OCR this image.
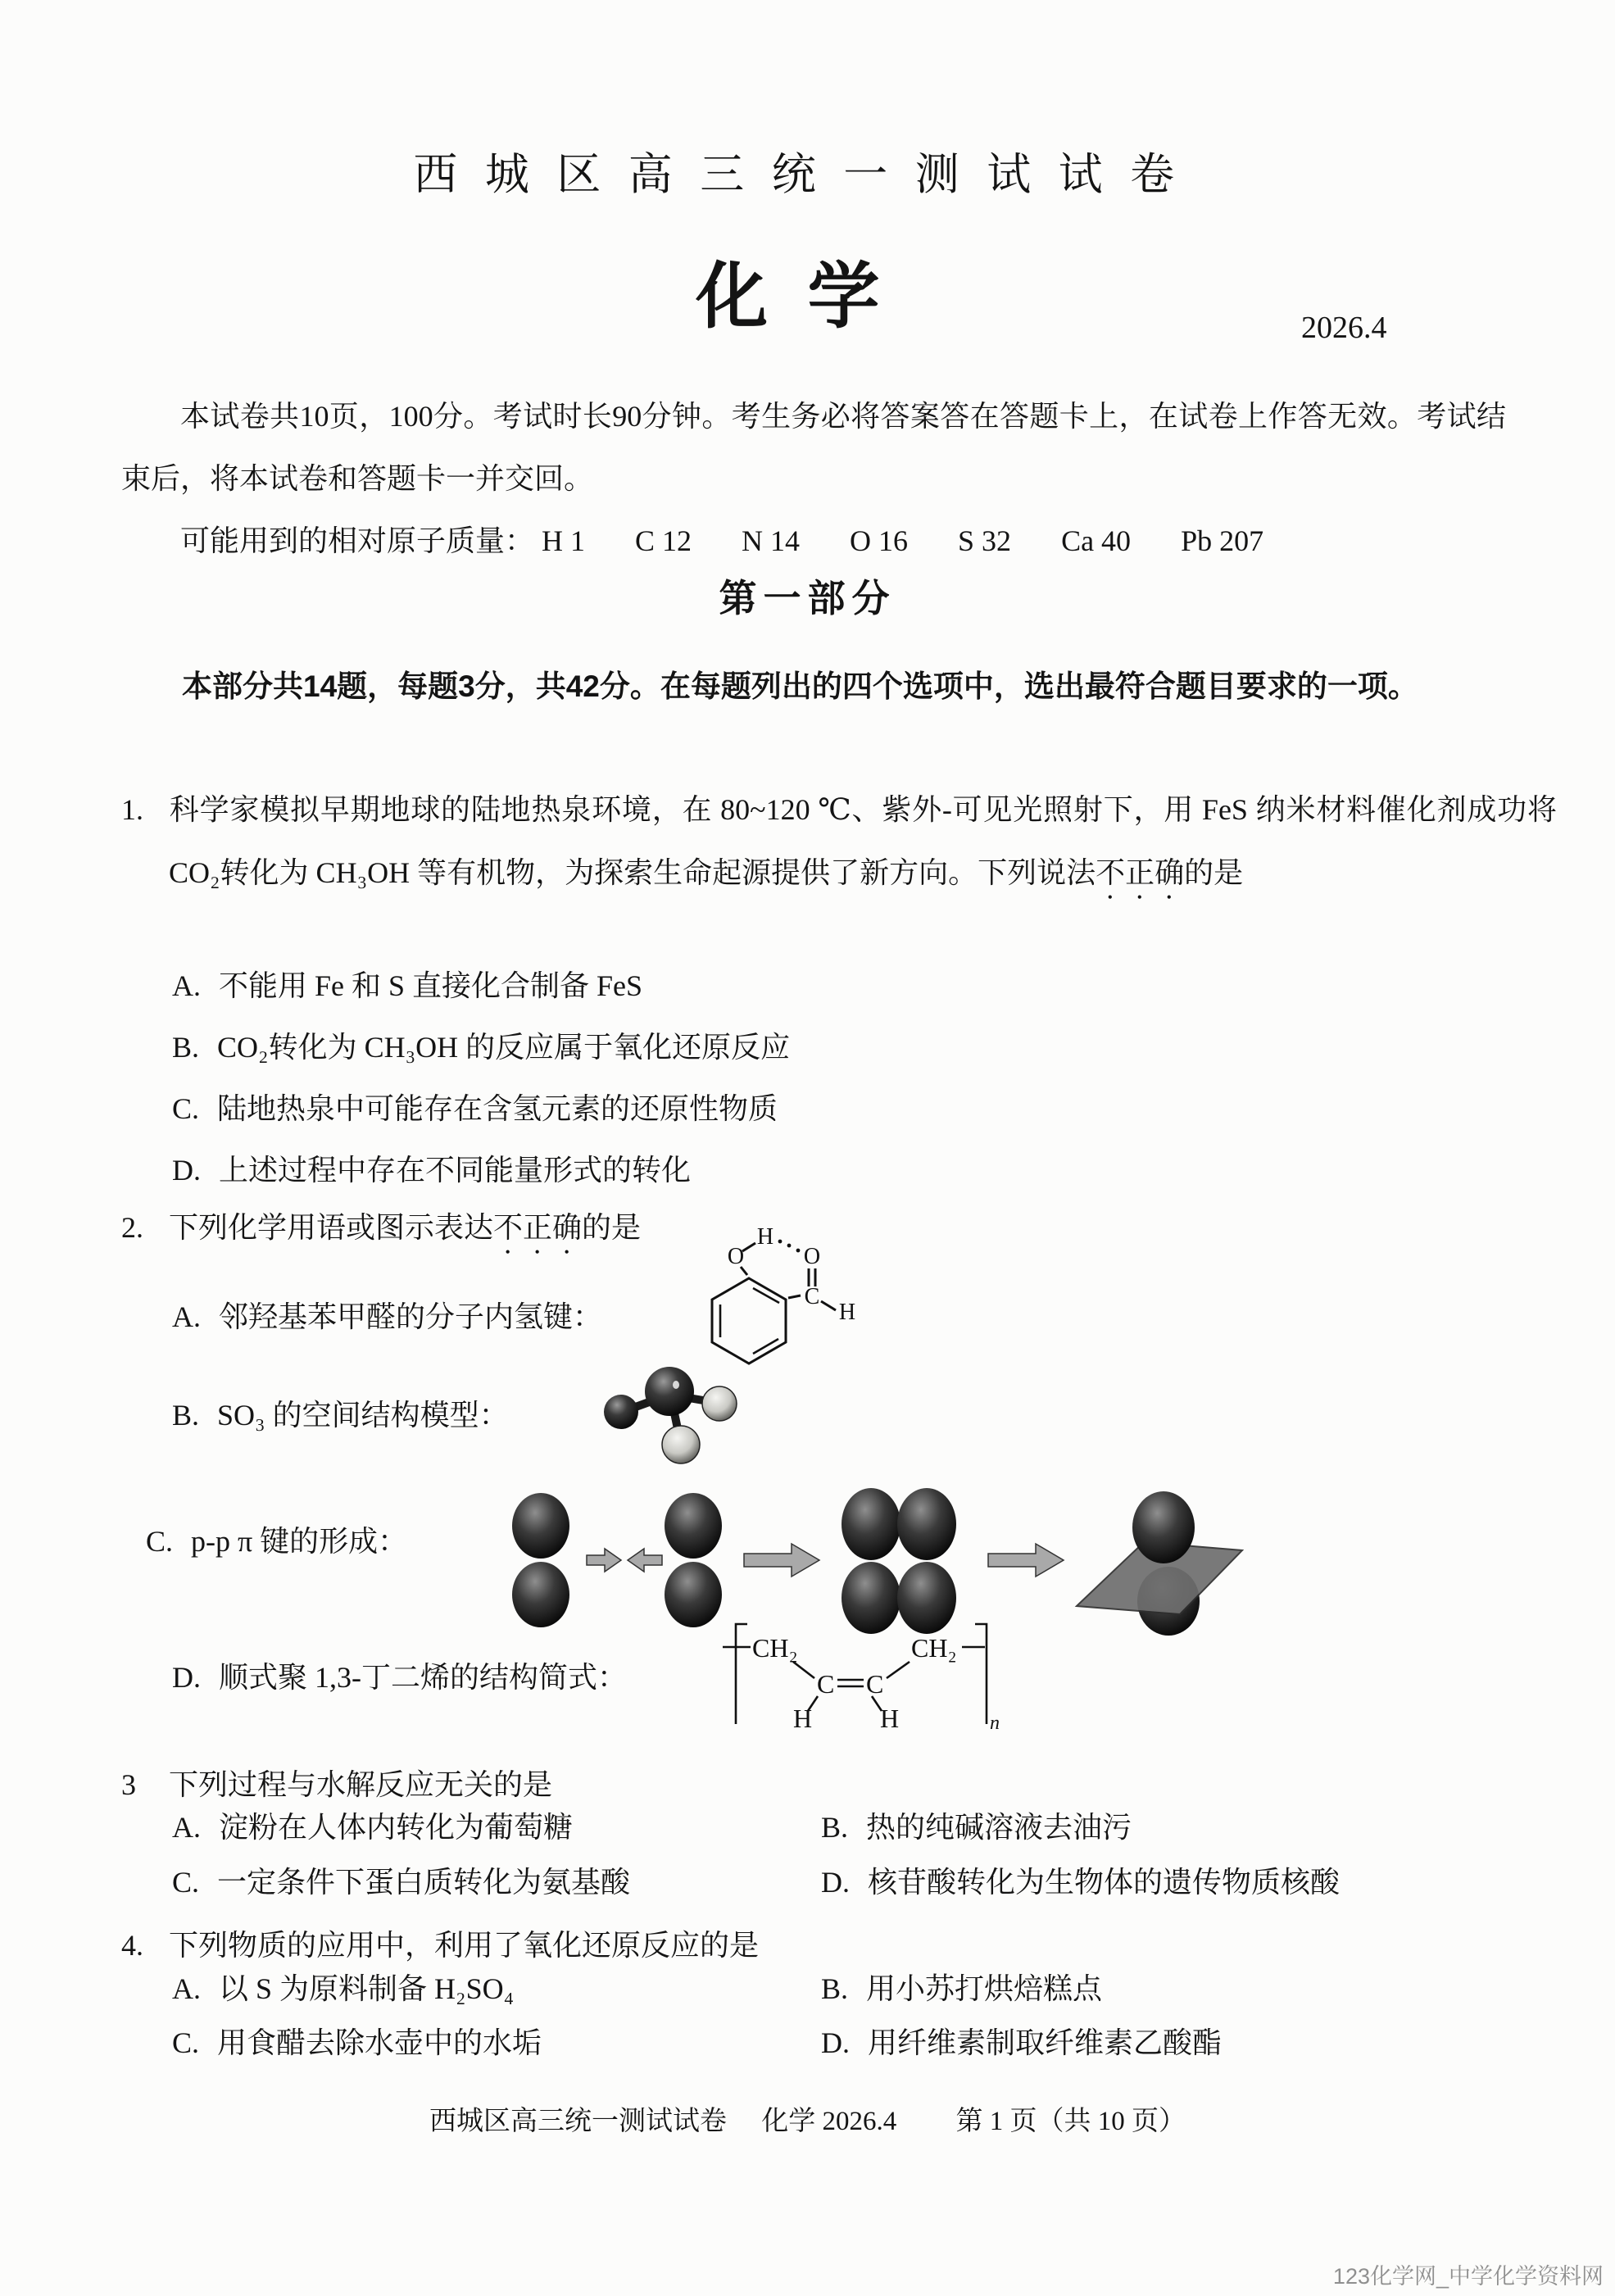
西城区高三统一测试试卷
化学	2026.4
本试卷共10页，100分。考试时长90分钟。考生务必将答案答在答题卡上，在试卷上作答无效。考试结束后，将本试卷和答题卡一并交回。
可能用到的相对原子质量： H 1 C 12 N 14 O 16 S 32 Ca 40 Pb 207
第一部分
本部分共14题，每题3分，共42分。在每题列出的四个选项中，选出最符合题目要求的一项。
1. 科学家模拟早期地球的陆地热泉环境，在 80~120 ℃、紫外-可见光照射下，用 FeS 纳米材料催化剂成功将 CO₂转化为 CH₃OH 等有机物，为探索生命起源提供了新方向。下列说法不正确的是
A. 不能用 Fe 和 S 直接化合制备 FeS
B. CO₂转化为 CH₃OH 的反应属于氧化还原反应
C. 陆地热泉中可能存在含氢元素的还原性物质
D. 上述过程中存在不同能量形式的转化
2. 下列化学用语或图示表达不正确的是
A. 邻羟基苯甲醛的分子内氢键：
O
H
C
O
H
B. SO₃ 的空间结构模型：
C. p-p π 键的形成：
D. 顺式聚 1,3-丁二烯的结构简式：
CH₂
C C
CH₂
H	H	n
3 下列过程与水解反应无关的是
A. 淀粉在人体内转化为葡萄糖	B. 热的纯碱溶液去油污
C. 一定条件下蛋白质转化为氨基酸	D. 核苷酸转化为生物体的遗传物质核酸
4. 下列物质的应用中，利用了氧化还原反应的是
A. 以 S 为原料制备 H₂SO₄	B. 用小苏打烘焙糕点
C. 用食醋去除水壶中的水垢	D. 用纤维素制取纤维素乙酸酯
西城区高三统一测试试卷 化学 2026.4 第 1 页（共 10 页）
123化学网_中学化学资料网
